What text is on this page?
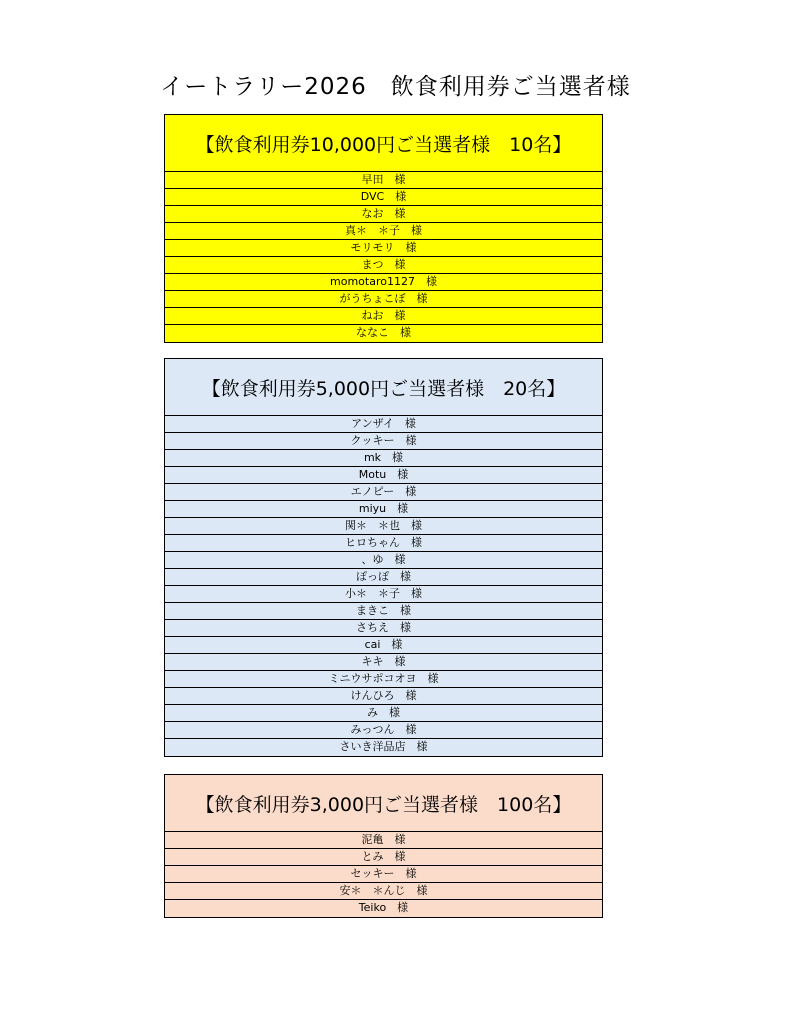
イートラリー2026　飲食利用券ご当選者様
【飲食利用券10,000円ご当選者様　10名】
早田　様
DVC　様
なお　様
真＊　＊子　様
モリモリ　様
まつ　様
momotaro1127　様
がうちょこぼ　様
ねお　様
ななこ　様
【飲食利用券5,000円ご当選者様　20名】
アンザイ　様
クッキー　様
mk　様
Motu　様
エノピー　様
miyu　様
関＊　＊也　様
ヒロちゃん　様
、ゆ　様
ぽっぽ　様
小＊　＊子　様
まきこ　様
さちえ　様
cai　様
キキ　様
ミニウサポコオヨ　様
けんひろ　様
み　様
みっつん　様
さいき洋品店　様
【飲食利用券3,000円ご当選者様　100名】
泥亀　様
とみ　様
セッキー　様
安＊　＊んじ　様
Teiko　様
